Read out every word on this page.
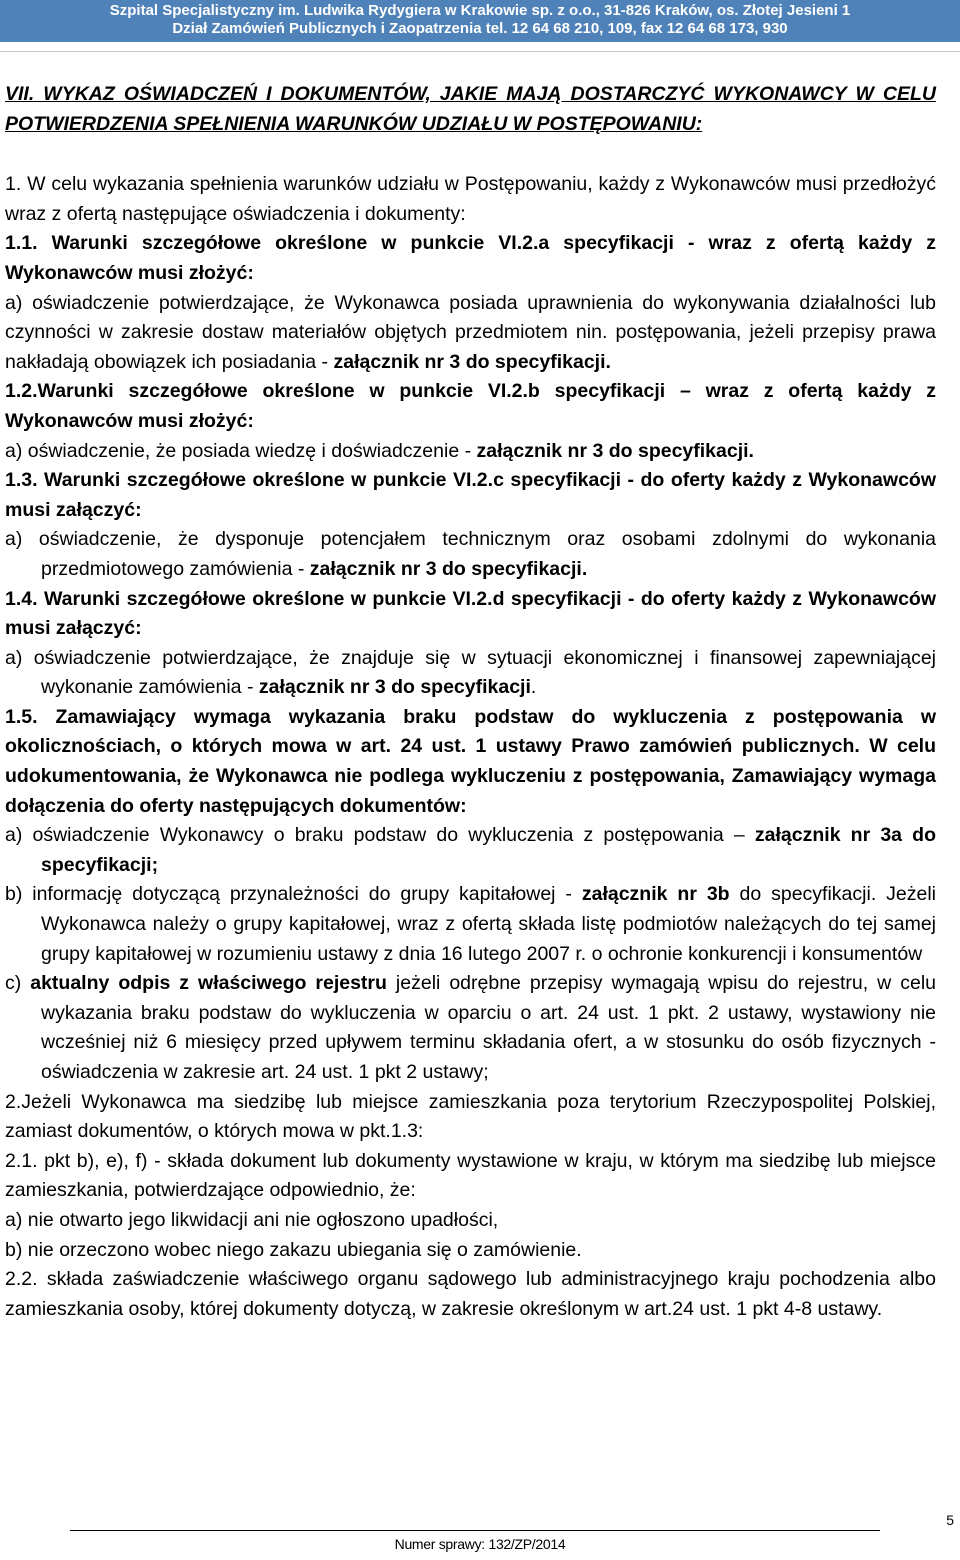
Szpital Specjalistyczny im. Ludwika Rydygiera w Krakowie sp. z o.o., 31-826 Kraków, os. Złotej Jesieni 1
Dział Zamówień Publicznych i Zaopatrzenia tel. 12 64 68 210, 109, fax 12 64 68 173, 930
VII. WYKAZ OŚWIADCZEŃ I DOKUMENTÓW, JAKIE MAJĄ DOSTARCZYĆ WYKONAWCY W CELU POTWIERDZENIA SPEŁNIENIA WARUNKÓW UDZIAŁU W POSTĘPOWANIU:

1. W celu wykazania spełnienia warunków udziału w Postępowaniu, każdy z Wykonawców musi przedłożyć wraz z ofertą następujące oświadczenia i dokumenty:

1.1. Warunki szczegółowe określone w punkcie VI.2.a specyfikacji - wraz z ofertą każdy z Wykonawców musi złożyć:

a) oświadczenie potwierdzające, że Wykonawca posiada uprawnienia do wykonywania działalności lub czynności w zakresie dostaw materiałów objętych przedmiotem nin. postępowania, jeżeli przepisy prawa nakładają obowiązek ich posiadania - załącznik nr 3 do specyfikacji.

1.2.Warunki szczegółowe określone w punkcie VI.2.b specyfikacji – wraz z ofertą każdy z Wykonawców musi złożyć:

a) oświadczenie, że posiada wiedzę i doświadczenie - załącznik nr 3 do specyfikacji.

1.3. Warunki szczegółowe określone w punkcie VI.2.c specyfikacji - do oferty każdy z Wykonawców musi załączyć:

a) oświadczenie, że dysponuje potencjałem technicznym oraz osobami zdolnymi do wykonania przedmiotowego zamówienia - załącznik nr 3 do specyfikacji.

1.4. Warunki szczegółowe określone w punkcie VI.2.d specyfikacji - do oferty każdy z Wykonawców musi załączyć:

a) oświadczenie potwierdzające, że znajduje się w sytuacji ekonomicznej i finansowej zapewniającej wykonanie zamówienia - załącznik nr 3 do specyfikacji.

1.5. Zamawiający wymaga wykazania braku podstaw do wykluczenia z postępowania w okolicznościach, o których mowa w art. 24 ust. 1 ustawy Prawo zamówień publicznych. W celu udokumentowania, że Wykonawca nie podlega wykluczeniu z postępowania, Zamawiający wymaga dołączenia do oferty następujących dokumentów:

a) oświadczenie Wykonawcy o braku podstaw do wykluczenia z postępowania – załącznik nr 3a do specyfikacji;

b) informację dotyczącą przynależności do grupy kapitałowej - załącznik nr 3b do specyfikacji. Jeżeli Wykonawca należy o grupy kapitałowej, wraz z ofertą składa listę podmiotów należących do tej samej grupy kapitałowej w rozumieniu ustawy z dnia 16 lutego 2007 r. o ochronie konkurencji i konsumentów

c) aktualny odpis z właściwego rejestru jeżeli odrębne przepisy wymagają wpisu do rejestru, w celu wykazania braku podstaw do wykluczenia w oparciu o art. 24 ust. 1 pkt. 2 ustawy, wystawiony nie wcześniej niż 6 miesięcy przed upływem terminu składania ofert, a w stosunku do osób fizycznych - oświadczenia w zakresie art. 24 ust. 1 pkt 2 ustawy;

2.Jeżeli Wykonawca ma siedzibę lub miejsce zamieszkania poza terytorium Rzeczypospolitej Polskiej, zamiast dokumentów, o których mowa w pkt.1.3:

2.1. pkt b), e), f) - składa dokument lub dokumenty wystawione w kraju, w którym ma siedzibę lub miejsce zamieszkania, potwierdzające odpowiednio, że:

a) nie otwarto jego likwidacji ani nie ogłoszono upadłości,

b) nie orzeczono wobec niego zakazu ubiegania się o zamówienie.

2.2. składa zaświadczenie właściwego organu sądowego lub administracyjnego kraju pochodzenia albo zamieszkania osoby, której dokumenty dotyczą, w zakresie określonym w art.24 ust. 1 pkt 4-8 ustawy.

5
Numer sprawy: 132/ZP/2014
